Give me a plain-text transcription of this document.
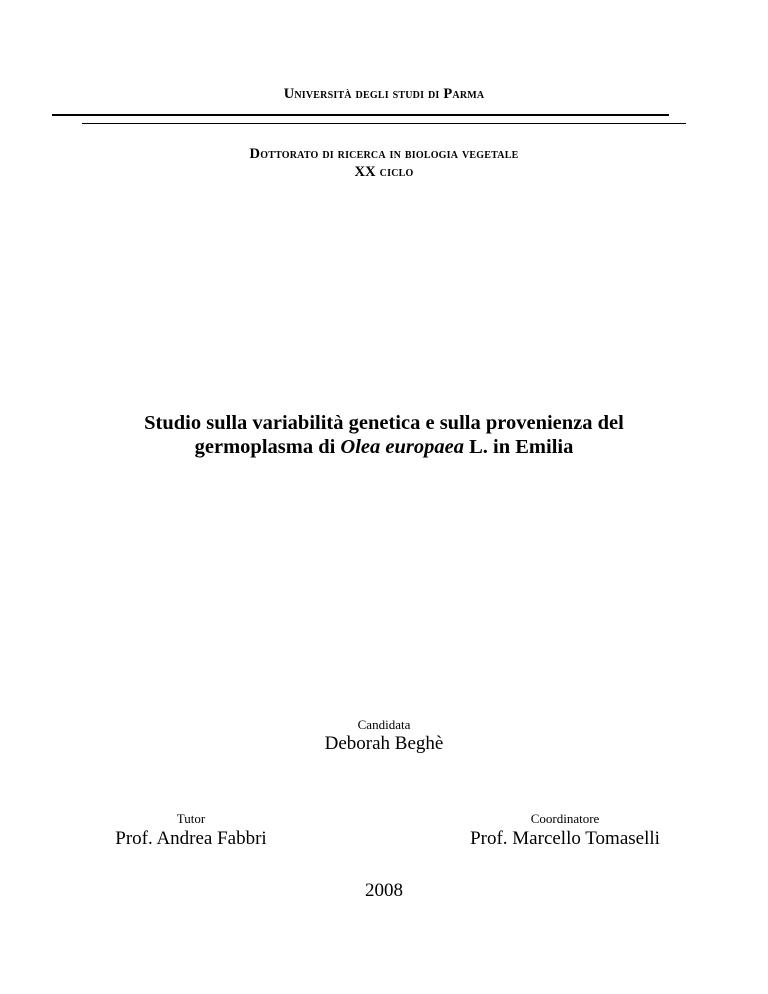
Università degli studi di Parma
Dottorato di ricerca in biologia vegetale
XX ciclo
Studio sulla variabilità genetica e sulla provenienza del
germoplasma di Olea europaea L. in Emilia
Candidata
Deborah Beghè
Tutor
Prof. Andrea Fabbri
Coordinatore
Prof. Marcello Tomaselli
2008
